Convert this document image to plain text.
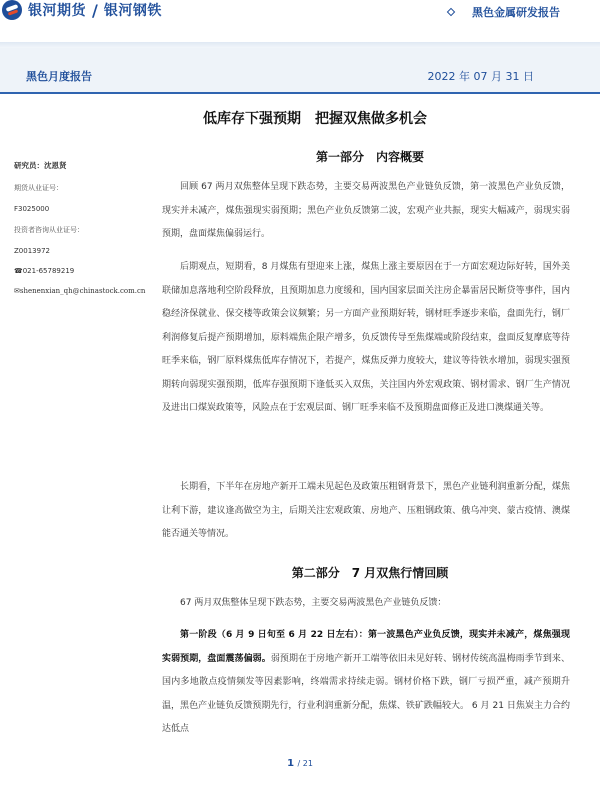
银河期货 / 银河钢铁	黑色金属研发报告
黑色月度报告	2022 年 07 月 31 日
低库存下强预期　把握双焦做多机会
研究员：沈恩贤
期货从业证号：
F3025000
投资者咨询从业证号：
Z0013972
☎021-65789219
✉shenenxian_qh@chinastock.com.cn
第一部分　内容概要
回顾 67 两月双焦整体呈现下跌态势，主要交易两波黑色产业链负反馈，第一波黑色产业负反馈，现实并未减产，煤焦强现实弱预期；黑色产业负反馈第二波，宏观产业共振，现实大幅减产，弱现实弱预期，盘面煤焦偏弱运行。
后期观点，短期看，8 月煤焦有望迎来上涨，煤焦上涨主要原因在于一方面宏观边际好转，国外美联储加息落地利空阶段释放，且预期加息力度缓和，国内国家层面关注房企暴雷居民断贷等事件，国内稳经济保就业、保交楼等政策会议频繁；另一方面产业预期好转，钢材旺季逐步来临，盘面先行，钢厂利润修复后提产预期增加，原料端焦企限产增多，负反馈传导至焦煤端或阶段结束，盘面反复摩底等待旺季来临，钢厂原料煤焦低库存情况下，若提产，煤焦反弹力度较大，建议等待铁水增加，弱现实强预期转向弱现实强预期，低库存强预期下逢低买入双焦，关注国内外宏观政策、钢材需求、钢厂生产情况及进出口煤炭政策等，风险点在于宏观层面、钢厂旺季来临不及预期盘面修正及进口澳煤通关等。
长期看，下半年在房地产新开工端未见起色及政策压粗钢背景下，黑色产业链利润重新分配，煤焦让利下游，建议逢高做空为主，后期关注宏观政策、房地产、压粗钢政策、俄乌冲突、蒙古疫情、澳煤能否通关等情况。
第二部分　7 月双焦行情回顾
67 两月双焦整体呈现下跌态势，主要交易两波黑色产业链负反馈：
第一阶段（6 月 9 日旬至 6 月 22 日左右）：第一波黑色产业负反馈，现实并未减产，煤焦强现实弱预期，盘面震荡偏弱。弱预期在于房地产新开工端等依旧未见好转、钢材传统高温梅雨季节到来、国内多地散点疫情频发等因素影响，终端需求持续走弱。钢材价格下跌，钢厂亏损严重，减产预期升温，黑色产业链负反馈预期先行，行业利润重新分配，焦煤、铁矿跌幅较大。 6 月 21 日焦炭主力合约达低点
1 / 21
